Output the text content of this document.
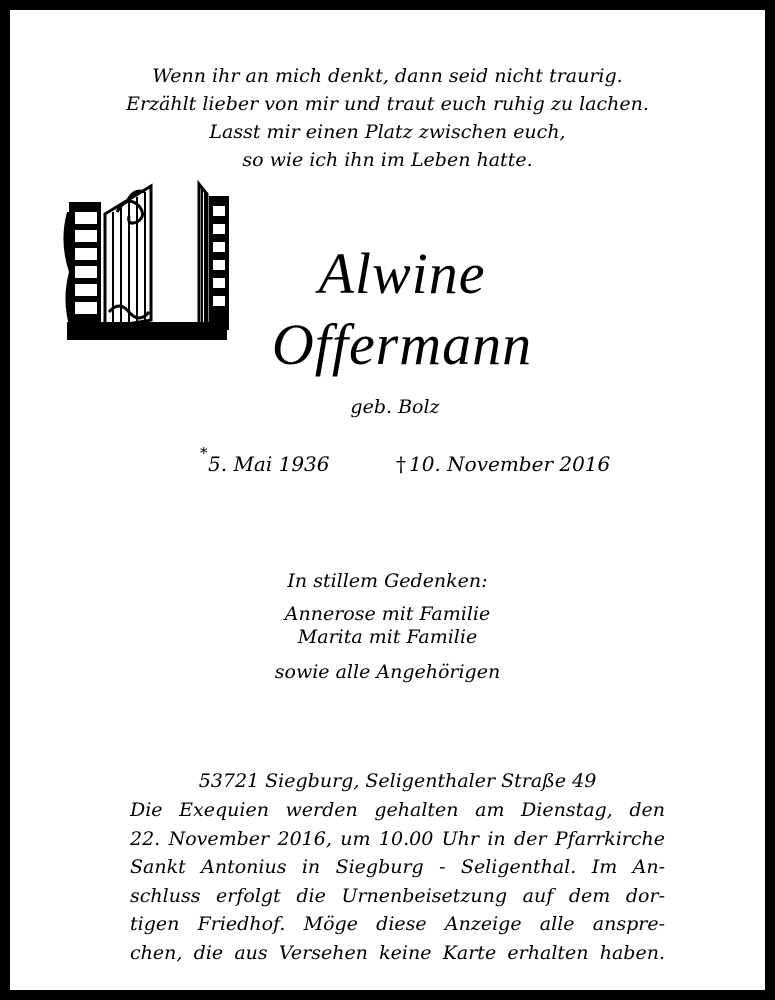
Wenn ihr an mich denkt, dann seid nicht traurig.
Erzählt lieber von mir und traut euch ruhig zu lachen.
Lasst mir einen Platz zwischen euch,
so wie ich ihn im Leben hatte.
Alwine
Offermann
geb. Bolz
* 5. Mai 1936	† 10. November 2016
In stillem Gedenken:
Annerose mit Familie
Marita mit Familie
sowie alle Angehörigen
53721 Siegburg, Seligenthaler Straße 49
Die Exequien werden gehalten am Dienstag, den
22. November 2016, um 10.00 Uhr in der Pfarrkirche
Sankt Antonius in Siegburg - Seligenthal. Im An-
schluss erfolgt die Urnenbeisetzung auf dem dor-
tigen Friedhof. Möge diese Anzeige alle anspre-
chen, die aus Versehen keine Karte erhalten haben.
